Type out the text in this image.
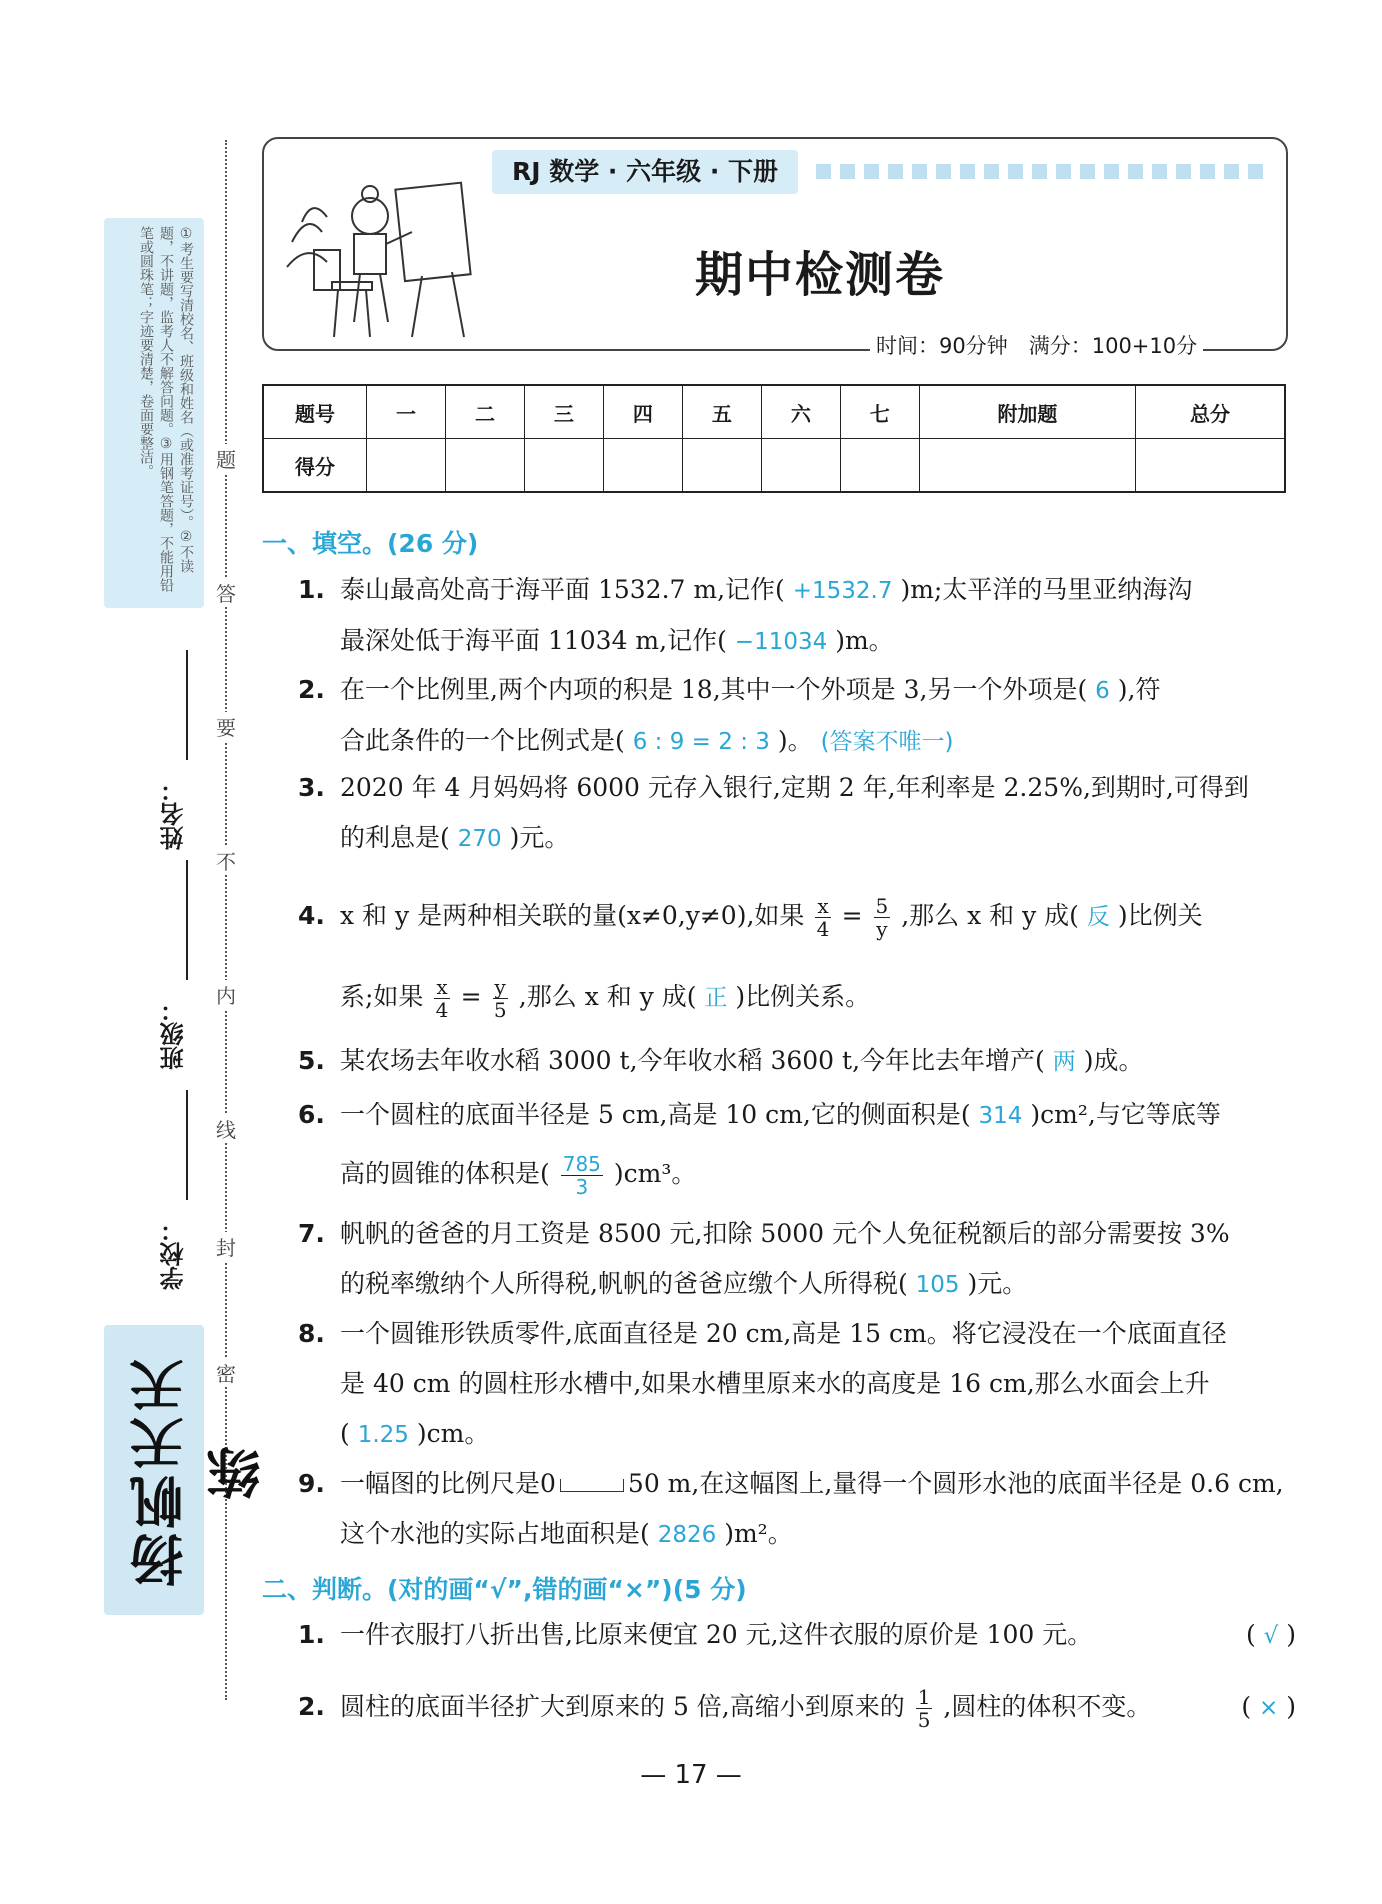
①考生要写清校名、班级和姓名（或准考证号）。②不读题，不讲题，监考人不解答问题。③用钢笔答题，不能用铅笔或圆珠笔；字迹要清楚，卷面要整洁。	题
答
要
不
内
线
封
密
姓名：
班级：
学校：
扬帆天天练
RJ 数学 · 六年级 · 下册
期中检测卷
时间：90分钟　满分：100+10分
题号	一	二	三	四	五	六	七	附加题	总分
得分									
一、填空。(26 分)
1. 泰山最高处高于海平面 1532.7 m,记作( +1532.7 )m;太平洋的马里亚纳海沟
最深处低于海平面 11034 m,记作( −11034 )m。
2. 在一个比例里,两个内项的积是 18,其中一个外项是 3,另一个外项是( 6 ),符
合此条件的一个比例式是( 6 : 9 = 2 : 3 )。 (答案不唯一)
3. 2020 年 4 月妈妈将 6000 元存入银行,定期 2 年,年利率是 2.25%,到期时,可得到
的利息是( 270 )元。
4. x 和 y 是两种相关联的量(x≠0,y≠0),如果 $\frac{x}{4} = \frac{5}{y}$ ,那么 x 和 y 成( 反 )比例关
系;如果 $\frac{x}{4} = \frac{y}{5}$ ,那么 x 和 y 成( 正 )比例关系。
5. 某农场去年收水稻 3000 t,今年收水稻 3600 t,今年比去年增产( 两 )成。
6. 一个圆柱的底面半径是 5 cm,高是 10 cm,它的侧面积是( 314 )cm²,与它等底等
高的圆锥的体积是( $\frac{785}{3} )cm^3$。
7. 帆帆的爸爸的月工资是 8500 元,扣除 5000 元个人免征税额后的部分需要按 3%
的税率缴纳个人所得税,帆帆的爸爸应缴个人所得税( 105 )元。
8. 一个圆锥形铁质零件,底面直径是 20 cm,高是 15 cm。将它浸没在一个底面直径
是 40 cm 的圆柱形水槽中,如果水槽里原来水的高度是 16 cm,那么水面会上升
( 1.25 )cm。
9. 一幅图的比例尺是0	50 m,在这幅图上,量得一个圆形水池的底面半径是 0.6 cm,
这个水池的实际占地面积是( 2826 )m²。
二、判断。(对的画“√”,错的画“×”)(5 分)
1. 一件衣服打八折出售,比原来便宜 20 元,这件衣服的原价是 100 元。	( √ )
2. 圆柱的底面半径扩大到原来的 5 倍,高缩小到原来的 $\frac{1}{5}$ ,圆柱的体积不变。	( × )
— 17 —
